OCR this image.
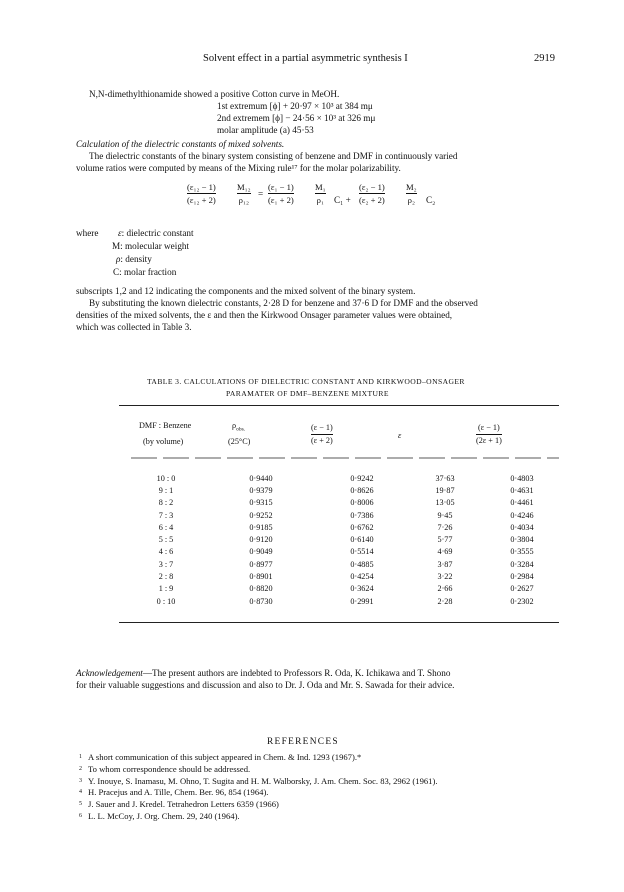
Solvent effect in a partial asymmetric synthesis I	2919
N,N-dimethylthionamide showed a positive Cotton curve in MeOH.
1st extremum [ϕ] + 20·97 × 10³ at 384 mμ
2nd extremem [ϕ] − 24·56 × 10³ at 326 mμ
molar amplitude (a) 45·53
Calculation of the dielectric constants of mixed solvents.
The dielectric constants of the binary system consisting of benzene and DMF in continuously varied
volume ratios were computed by means of the Mixing rule¹⁷ for the molar polarizability.
(ε₁₂ − 1)
(ε₁₂ + 2)
M₁₂
ρ₁₂
=
(ε₁ − 1)
(ε₁ + 2)
M₁
ρ₁ C₁ +
(ε₂ − 1)
(ε₂ + 2)
M₂
ρ₂ C₂
where ε: dielectric constant
M: molecular weight
ρ: density
C: molar fraction
subscripts 1,2 and 12 indicating the components and the mixed solvent of the binary system.
By substituting the known dielectric constants, 2·28 D for benzene and 37·6 D for DMF and the observed
densities of the mixed solvents, the ε and then the Kirkwood Onsager parameter values were obtained,
which was collected in Table 3.
TABLE 3. CALCULATIONS OF DIELECTRIC CONSTANT AND KIRKWOOD–ONSAGER
PARAMATER OF DMF–BENZENE MIXTURE
DMF : Benzene
(by volume)
$\rho_{obs.}$
(25°C)
(ε − 1)
(ε + 2)
ε
(ε − 1)
(2ε + 1)
10 : 0	0·9440	0·9242	37·63	0·4803
9 : 1	0·9379	0·8626	19·87	0·4631
8 : 2	0·9315	0·8006	13·05	0·4461
7 : 3	0·9252	0·7386	9·45	0·4246
6 : 4	0·9185	0·6762	7·26	0·4034
5 : 5	0·9120	0·6140	5·77	0·3804
4 : 6	0·9049	0·5514	4·69	0·3555
3 : 7	0·8977	0·4885	3·87	0·3284
2 : 8	0·8901	0·4254	3·22	0·2984
1 : 9	0·8820	0·3624	2·66	0·2627
0 : 10	0·8730	0·2991	2·28	0·2302
Acknowledgement—The present authors are indebted to Professors R. Oda, K. Ichikawa and T. Shono
for their valuable suggestions and discussion and also to Dr. J. Oda and Mr. S. Sawada for their advice.
REFERENCES
1 A short communication of this subject appeared in Chem. & Ind. 1293 (1967).*
2 To whom correspondence should be addressed.
3 Y. Inouye, S. Inamasu, M. Ohno, T. Sugita and H. M. Walborsky, J. Am. Chem. Soc. 83, 2962 (1961).
4 H. Pracejus and A. Tille, Chem. Ber. 96, 854 (1964).
5 J. Sauer and J. Kredel. Tetrahedron Letters 6359 (1966)
6 L. L. McCoy, J. Org. Chem. 29, 240 (1964).
